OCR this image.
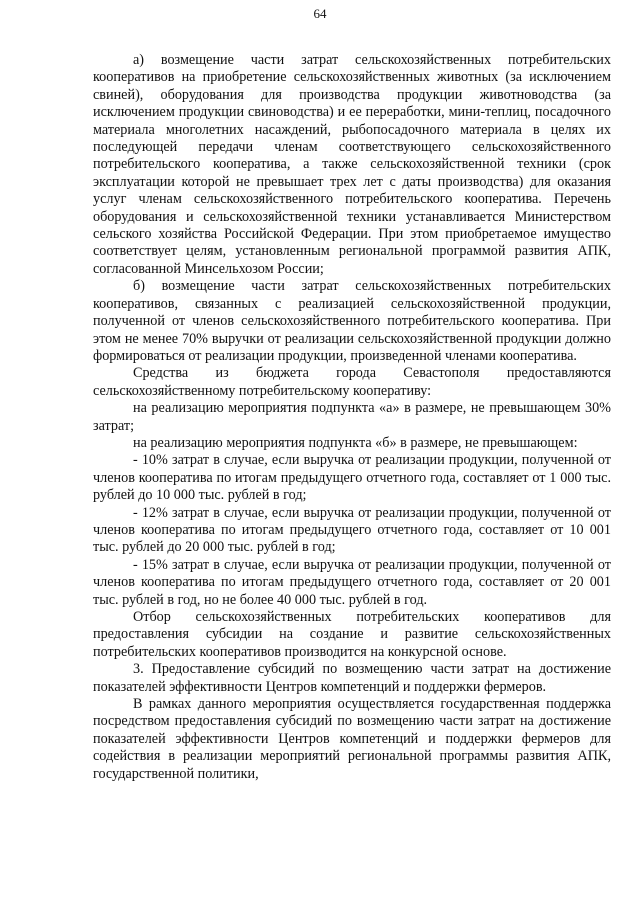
64

а) возмещение части затрат сельскохозяйственных потребительских кооперативов на приобретение сельскохозяйственных животных (за исключением свиней), оборудования для производства продукции животноводства (за исключением продукции свиноводства) и ее переработки, мини-теплиц, посадочного материала многолетних насаждений, рыбопосадочного материала в целях их последующей передачи членам соответствующего сельскохозяйственного потребительского кооператива, а также сельскохозяйственной техники (срок эксплуатации которой не превышает трех лет с даты производства) для оказания услуг членам сельскохозяйственного потребительского кооператива. Перечень оборудования и сельскохозяйственной техники устанавливается Министерством сельского хозяйства Российской Федерации. При этом приобретаемое имущество соответствует целям, установленным региональной программой развития АПК, согласованной Минсельхозом России;

б) возмещение части затрат сельскохозяйственных потребительских кооперативов, связанных с реализацией сельскохозяйственной продукции, полученной от членов сельскохозяйственного потребительского кооператива. При этом не менее 70% выручки от реализации сельскохозяйственной продукции должно формироваться от реализации продукции, произведенной членами кооператива.

Средства из бюджета города Севастополя предоставляются сельскохозяйственному потребительскому кооперативу:

на реализацию мероприятия подпункта «а» в размере, не превышающем 30% затрат;

на реализацию мероприятия подпункта «б» в размере, не превышающем:

- 10% затрат в случае, если выручка от реализации продукции, полученной от членов кооператива по итогам предыдущего отчетного года, составляет от 1 000 тыс. рублей до 10 000 тыс. рублей в год;

- 12% затрат в случае, если выручка от реализации продукции, полученной от членов кооператива по итогам предыдущего отчетного года, составляет от 10 001 тыс. рублей до 20 000 тыс. рублей в год;

- 15% затрат в случае, если выручка от реализации продукции, полученной от членов кооператива по итогам предыдущего отчетного года, составляет от 20 001 тыс. рублей в год, но не более 40 000 тыс. рублей в год.

Отбор сельскохозяйственных потребительских кооперативов для предоставления субсидии на создание и развитие сельскохозяйственных потребительских кооперативов производится на конкурсной основе.

3. Предоставление субсидий по возмещению части затрат на достижение показателей эффективности Центров компетенций и поддержки фермеров.

В рамках данного мероприятия осуществляется государственная поддержка посредством предоставления субсидий по возмещению части затрат на достижение показателей эффективности Центров компетенций и поддержки фермеров для содействия в реализации мероприятий региональной программы развития АПК, государственной политики,
